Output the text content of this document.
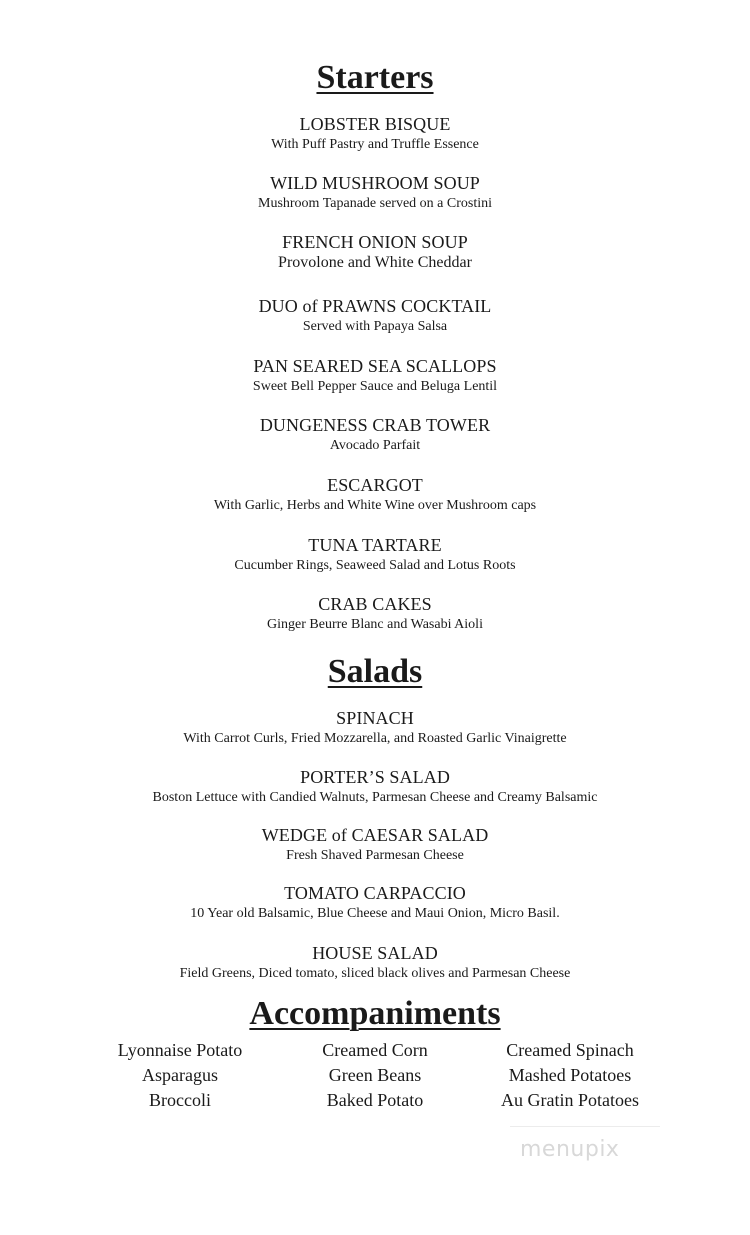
Starters
LOBSTER BISQUE
With Puff Pastry and Truffle Essence
WILD MUSHROOM SOUP
Mushroom Tapanade served on a Crostini
FRENCH ONION SOUP
Provolone and White Cheddar
DUO of PRAWNS COCKTAIL
Served with Papaya Salsa
PAN SEARED SEA SCALLOPS
Sweet Bell Pepper Sauce and Beluga Lentil
DUNGENESS CRAB TOWER
Avocado Parfait
ESCARGOT
With Garlic, Herbs and White Wine over Mushroom caps
TUNA TARTARE
Cucumber Rings, Seaweed Salad and Lotus Roots
CRAB CAKES
Ginger Beurre Blanc and Wasabi Aioli
Salads
SPINACH
With Carrot Curls, Fried Mozzarella, and Roasted Garlic Vinaigrette
PORTER’S SALAD
Boston Lettuce with Candied Walnuts, Parmesan Cheese and Creamy Balsamic
WEDGE of CAESAR SALAD
Fresh Shaved Parmesan Cheese
TOMATO CARPACCIO
10 Year old Balsamic, Blue Cheese and Maui Onion, Micro Basil.
HOUSE SALAD
Field Greens, Diced tomato, sliced black olives and Parmesan Cheese
Accompaniments
Lyonnaise Potato
Asparagus
Broccoli
Creamed Corn
Green Beans
Baked Potato
Creamed Spinach
Mashed Potatoes
Au Gratin Potatoes
menupix
